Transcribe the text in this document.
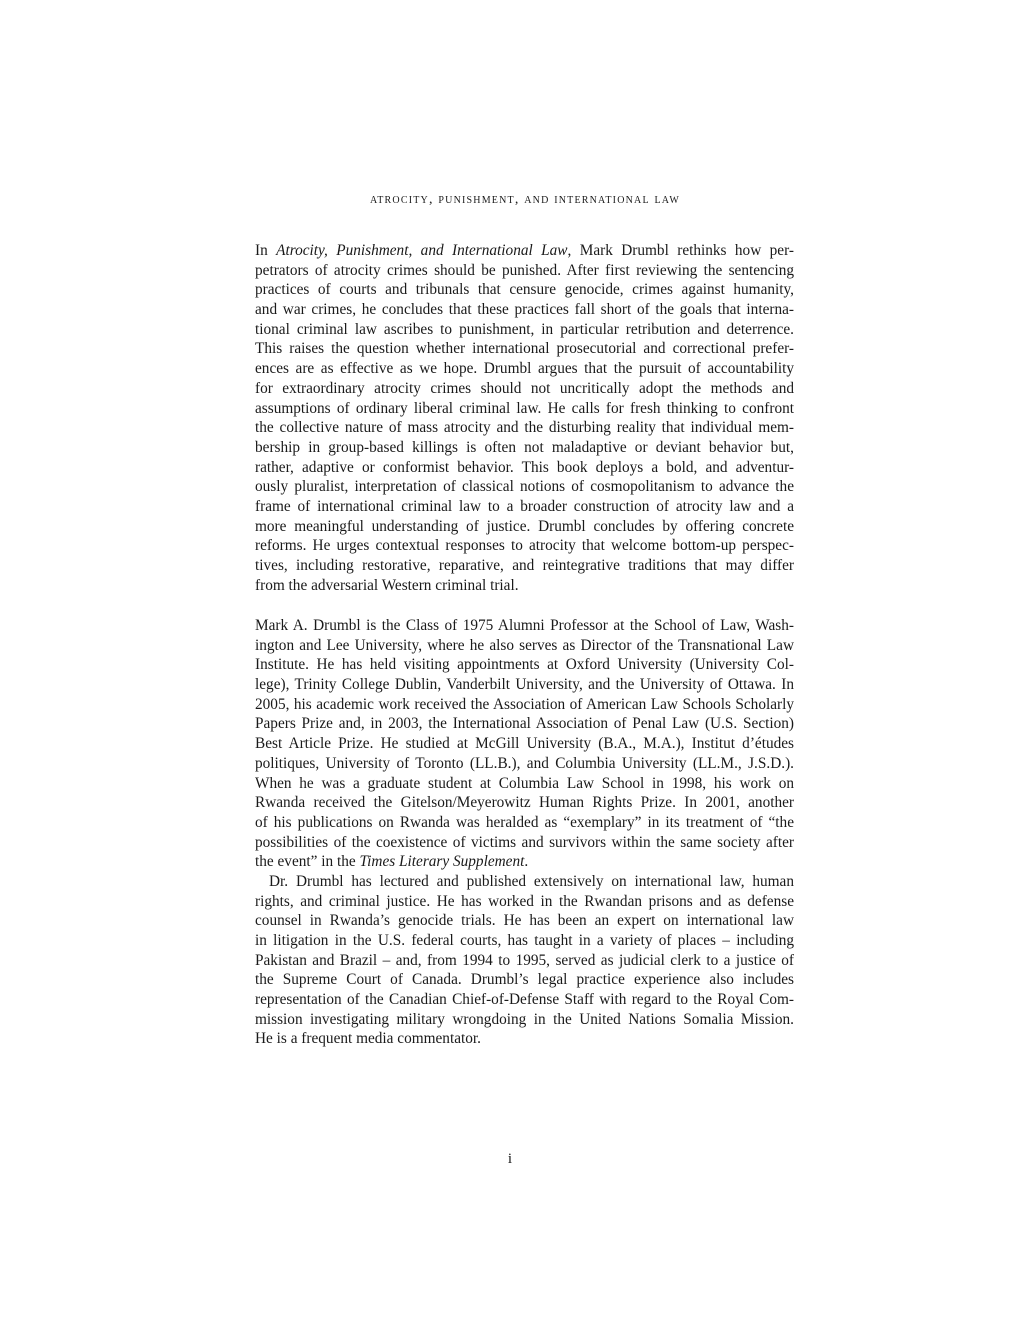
atrocity, punishment, and international law
In Atrocity, Punishment, and International Law, Mark Drumbl rethinks how per-
petrators of atrocity crimes should be punished. After first reviewing the sentencing
practices of courts and tribunals that censure genocide, crimes against humanity,
and war crimes, he concludes that these practices fall short of the goals that interna-
tional criminal law ascribes to punishment, in particular retribution and deterrence.
This raises the question whether international prosecutorial and correctional prefer-
ences are as effective as we hope. Drumbl argues that the pursuit of accountability
for extraordinary atrocity crimes should not uncritically adopt the methods and
assumptions of ordinary liberal criminal law. He calls for fresh thinking to confront
the collective nature of mass atrocity and the disturbing reality that individual mem-
bership in group-based killings is often not maladaptive or deviant behavior but,
rather, adaptive or conformist behavior. This book deploys a bold, and adventur-
ously pluralist, interpretation of classical notions of cosmopolitanism to advance the
frame of international criminal law to a broader construction of atrocity law and a
more meaningful understanding of justice. Drumbl concludes by offering concrete
reforms. He urges contextual responses to atrocity that welcome bottom-up perspec-
tives, including restorative, reparative, and reintegrative traditions that may differ
from the adversarial Western criminal trial.
Mark A. Drumbl is the Class of 1975 Alumni Professor at the School of Law, Wash-
ington and Lee University, where he also serves as Director of the Transnational Law
Institute. He has held visiting appointments at Oxford University (University Col-
lege), Trinity College Dublin, Vanderbilt University, and the University of Ottawa. In
2005, his academic work received the Association of American Law Schools Scholarly
Papers Prize and, in 2003, the International Association of Penal Law (U.S. Section)
Best Article Prize. He studied at McGill University (B.A., M.A.), Institut d’études
politiques, University of Toronto (LL.B.), and Columbia University (LL.M., J.S.D.).
When he was a graduate student at Columbia Law School in 1998, his work on
Rwanda received the Gitelson/Meyerowitz Human Rights Prize. In 2001, another
of his publications on Rwanda was heralded as “exemplary” in its treatment of “the
possibilities of the coexistence of victims and survivors within the same society after
the event” in the Times Literary Supplement.
Dr. Drumbl has lectured and published extensively on international law, human
rights, and criminal justice. He has worked in the Rwandan prisons and as defense
counsel in Rwanda’s genocide trials. He has been an expert on international law
in litigation in the U.S. federal courts, has taught in a variety of places – including
Pakistan and Brazil – and, from 1994 to 1995, served as judicial clerk to a justice of
the Supreme Court of Canada. Drumbl’s legal practice experience also includes
representation of the Canadian Chief-of-Defense Staff with regard to the Royal Com-
mission investigating military wrongdoing in the United Nations Somalia Mission.
He is a frequent media commentator.
i
